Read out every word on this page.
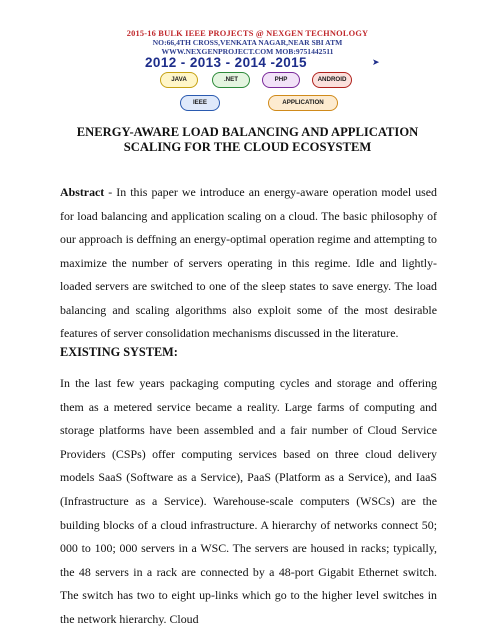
2015-16 BULK IEEE PROJECTS @ NEXGEN TECHNOLOGY
NO:66,4TH CROSS,VENKATA NAGAR,NEAR SBI ATM
WWW.NEXGENPROJECT.COM MOB:9751442511
2012 - 2013 - 2014 -2015	➤
JAVA	.NET	PHP	ANDROID
IEEE	APPLICATION
ENERGY-AWARE LOAD BALANCING AND APPLICATION
SCALING FOR THE CLOUD ECOSYSTEM

Abstract - In this paper we introduce an energy-aware operation model used for load balancing and application scaling on a cloud. The basic philosophy of our approach is deffning an energy-optimal operation regime and attempting to maximize the number of servers operating in this regime. Idle and lightly-loaded servers are switched to one of the sleep states to save energy. The load balancing and scaling algorithms also exploit some of the most desirable features of server consolidation mechanisms discussed in the literature.

EXISTING SYSTEM:

In the last few years packaging computing cycles and storage and offering them as a metered service became a reality. Large farms of computing and storage platforms have been assembled and a fair number of Cloud Service Providers (CSPs) offer computing services based on three cloud delivery models SaaS (Software as a Service), PaaS (Platform as a Service), and IaaS (Infrastructure as a Service). Warehouse-scale computers (WSCs) are the building blocks of a cloud infrastructure. A hierarchy of networks connect 50; 000 to 100; 000 servers in a WSC. The servers are housed in racks; typically, the 48 servers in a rack are connected by a 48-port Gigabit Ethernet switch. The switch has two to eight up-links which go to the higher level switches in the network hierarchy. Cloud
